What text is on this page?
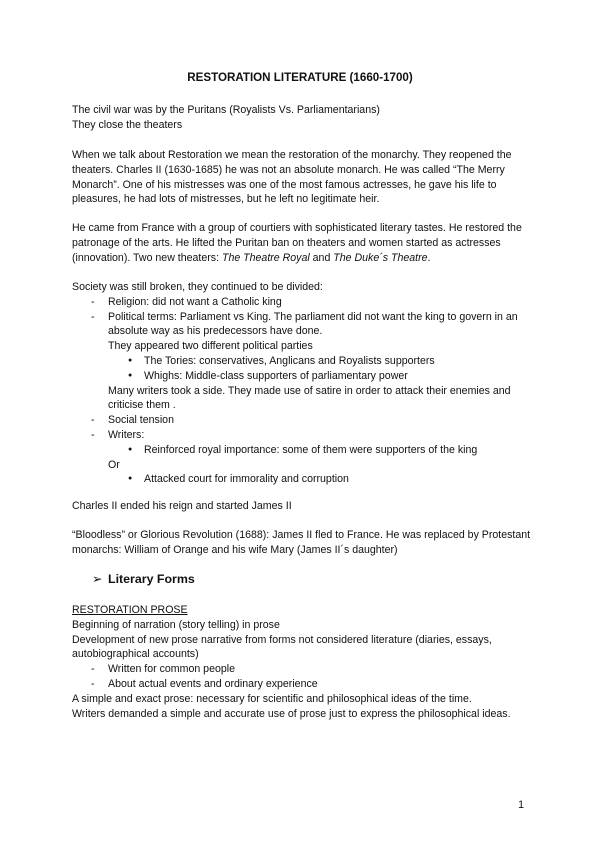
RESTORATION LITERATURE (1660-1700)

The civil war was by the Puritans (Royalists Vs. Parliamentarians)

They close the theaters

When we talk about Restoration we mean the restoration of the monarchy. They reopened the theaters. Charles II (1630-1685) he was not an absolute monarch. He was called “The Merry Monarch”. One of his mistresses was one of the most famous actresses, he gave his life to pleasures, he had lots of mistresses, but he left no legitimate heir.

He came from France with a group of courtiers with sophisticated literary tastes. He restored the patronage of the arts. He lifted the Puritan ban on theaters and women started as actresses (innovation). Two new theaters: The Theatre Royal and The Duke´s Theatre.

Society was still broken, they continued to be divided:

- Religion: did not want a Catholic king
- Political terms: Parliament vs King. The parliament did not want the king to govern in an absolute way as his predecessors have done.

They appeared two different political parties

● The Tories: conservatives, Anglicans and Royalists supporters
● Whighs: Middle-class supporters of parliamentary power

Many writers took a side. They made use of satire in order to attack their enemies and criticise them .

- Social tension
- Writers:
● Reinforced royal importance: some of them were supporters of the king

Or

● Attacked court for immorality and corruption

Charles II ended his reign and started James II

“Bloodless” or Glorious Revolution (1688): James II fled to France. He was replaced by Protestant monarchs: William of Orange and his wife Mary (James II´s daughter)

➢ Literary Forms

RESTORATION PROSE

Beginning of narration (story telling) in prose

Development of new prose narrative from forms not considered literature (diaries, essays, autobiographical accounts)

- Written for common people
- About actual events and ordinary experience

A simple and exact prose: necessary for scientific and philosophical ideas of the time.

Writers demanded a simple and accurate use of prose just to express the philosophical ideas.

1
